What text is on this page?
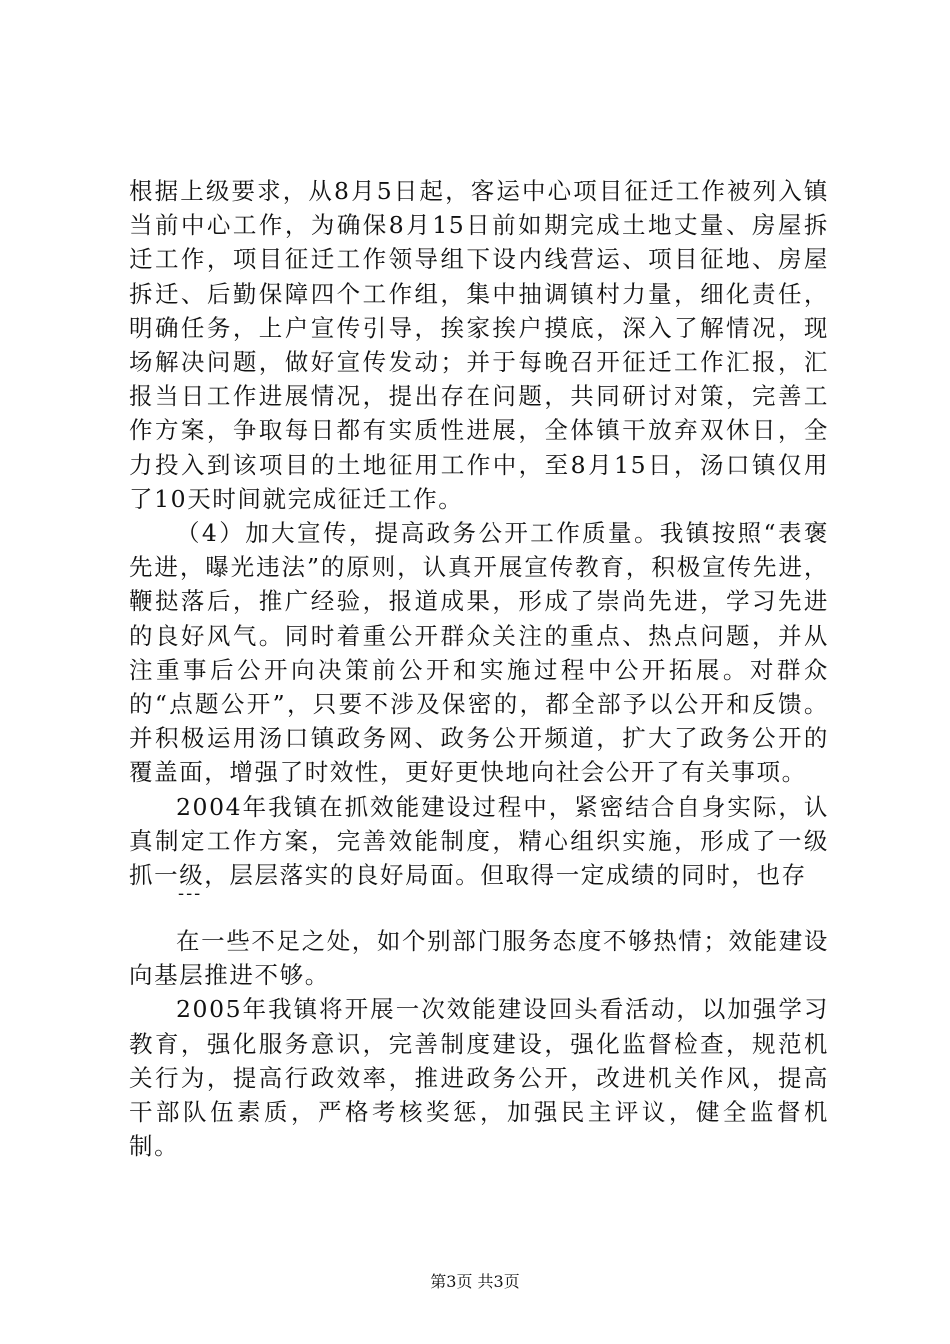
根据上级要求，从8月5日起，客运中心项目征迁工作被列入镇当前中心工作，为确保8月15日前如期完成土地丈量、房屋拆迁工作，项目征迁工作领导组下设内线营运、项目征地、房屋拆迁、后勤保障四个工作组，集中抽调镇村力量，细化责任，明确任务，上户宣传引导，挨家挨户摸底，深入了解情况，现场解决问题，做好宣传发动；并于每晚召开征迁工作汇报，汇报当日工作进展情况，提出存在问题，共同研讨对策，完善工作方案，争取每日都有实质性进展，全体镇干放弃双休日，全力投入到该项目的土地征用工作中，至8月15日，汤口镇仅用了10天时间就完成征迁工作。

（4）加大宣传，提高政务公开工作质量。我镇按照“表褒先进，曝光违法”的原则，认真开展宣传教育，积极宣传先进，鞭挞落后，推广经验，报道成果，形成了崇尚先进，学习先进的良好风气。同时着重公开群众关注的重点、热点问题，并从注重事后公开向决策前公开和实施过程中公开拓展。对群众的“点题公开”，只要不涉及保密的，都全部予以公开和反馈。并积极运用汤口镇政务网、政务公开频道，扩大了政务公开的覆盖面，增强了时效性，更好更快地向社会公开了有关事项。

2004年我镇在抓效能建设过程中，紧密结合自身实际，认真制定工作方案，完善效能制度，精心组织实施，形成了一级抓一级，层层落实的良好局面。但取得一定成绩的同时，也存

---

在一些不足之处，如个别部门服务态度不够热情；效能建设向基层推进不够。

2005年我镇将开展一次效能建设回头看活动，以加强学习教育，强化服务意识，完善制度建设，强化监督检查，规范机关行为，提高行政效率，推进政务公开，改进机关作风，提高干部队伍素质，严格考核奖惩，加强民主评议，健全监督机制。

第3页 共3页
